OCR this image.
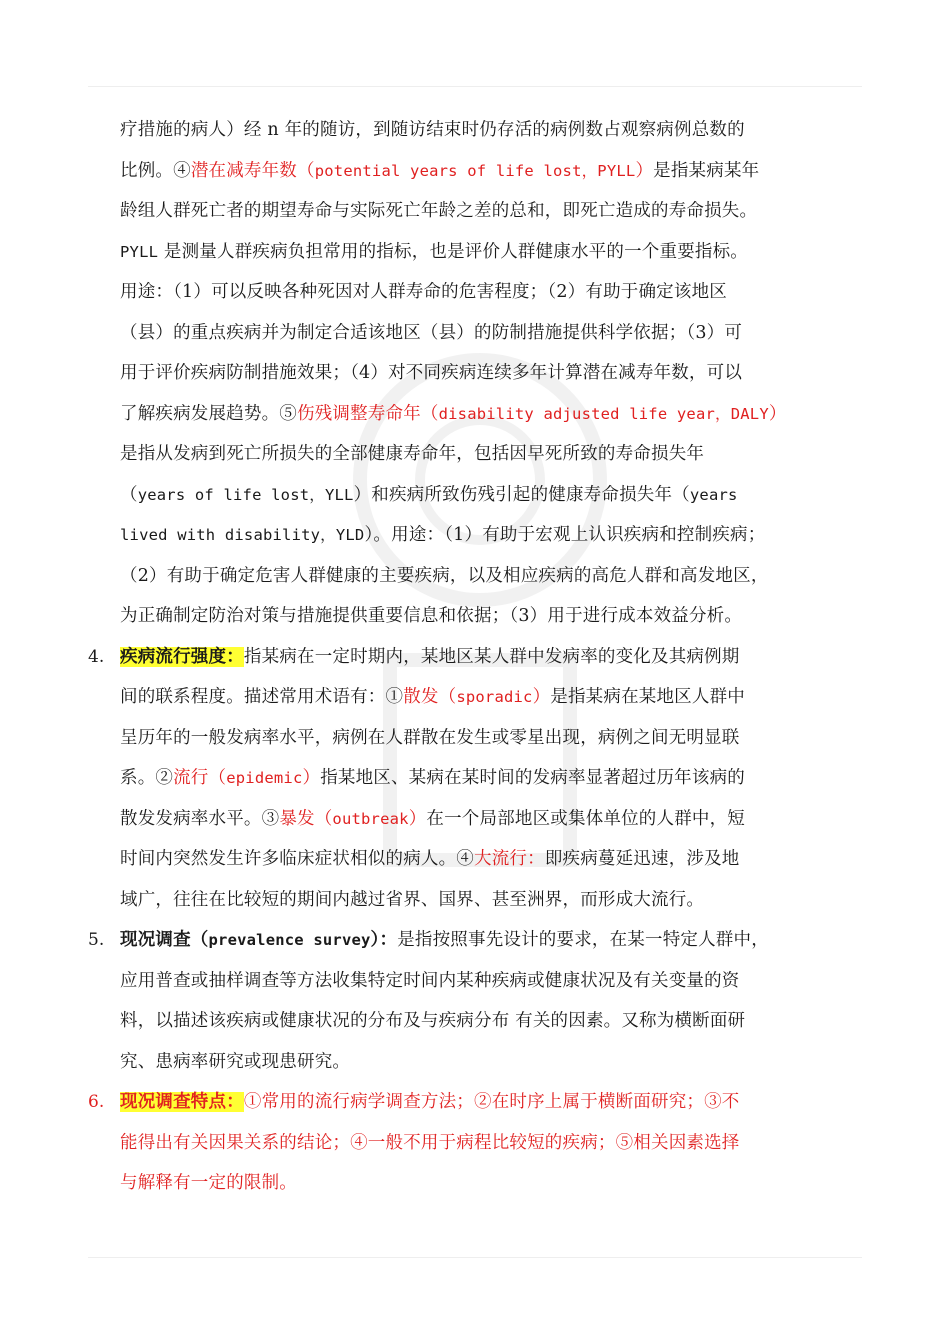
疗措施的病人）经 n 年的随访，到随访结束时仍存活的病例数占观察病例总数的
比例。④潜在减寿年数（potential years of life lost，PYLL）是指某病某年
龄组人群死亡者的期望寿命与实际死亡年龄之差的总和，即死亡造成的寿命损失。
PYLL 是测量人群疾病负担常用的指标，也是评价人群健康水平的一个重要指标。
用途：（1）可以反映各种死因对人群寿命的危害程度；（2）有助于确定该地区
（县）的重点疾病并为制定合适该地区（县）的防制措施提供科学依据；（3）可
用于评价疾病防制措施效果；（4）对不同疾病连续多年计算潜在减寿年数，可以
了解疾病发展趋势。⑤伤残调整寿命年（disability adjusted life year，DALY）
是指从发病到死亡所损失的全部健康寿命年，包括因早死所致的寿命损失年
（years of life lost，YLL）和疾病所致伤残引起的健康寿命损失年（years
lived with disability，YLD）。用途：（1）有助于宏观上认识疾病和控制疾病；
（2）有助于确定危害人群健康的主要疾病，以及相应疾病的高危人群和高发地区，
为正确制定防治对策与措施提供重要信息和依据；（3）用于进行成本效益分析。
4. 疾病流行强度：指某病在一定时期内，某地区某人群中发病率的变化及其病例期
间的联系程度。描述常用术语有：①散发（sporadic）是指某病在某地区人群中
呈历年的一般发病率水平，病例在人群散在发生或零星出现，病例之间无明显联
系。②流行（epidemic）指某地区、某病在某时间的发病率显著超过历年该病的
散发发病率水平。③暴发（outbreak）在一个局部地区或集体单位的人群中，短
时间内突然发生许多临床症状相似的病人。④大流行：即疾病蔓延迅速，涉及地
域广，往往在比较短的期间内越过省界、国界、甚至洲界，而形成大流行。
5. 现况调查（prevalence survey）：是指按照事先设计的要求，在某一特定人群中，
应用普查或抽样调查等方法收集特定时间内某种疾病或健康状况及有关变量的资
料，以描述该疾病或健康状况的分布及与疾病分布 有关的因素。又称为横断面研
究、患病率研究或现患研究。
6. 现况调查特点：①常用的流行病学调查方法；②在时序上属于横断面研究；③不
能得出有关因果关系的结论；④一般不用于病程比较短的疾病；⑤相关因素选择
与解释有一定的限制。
